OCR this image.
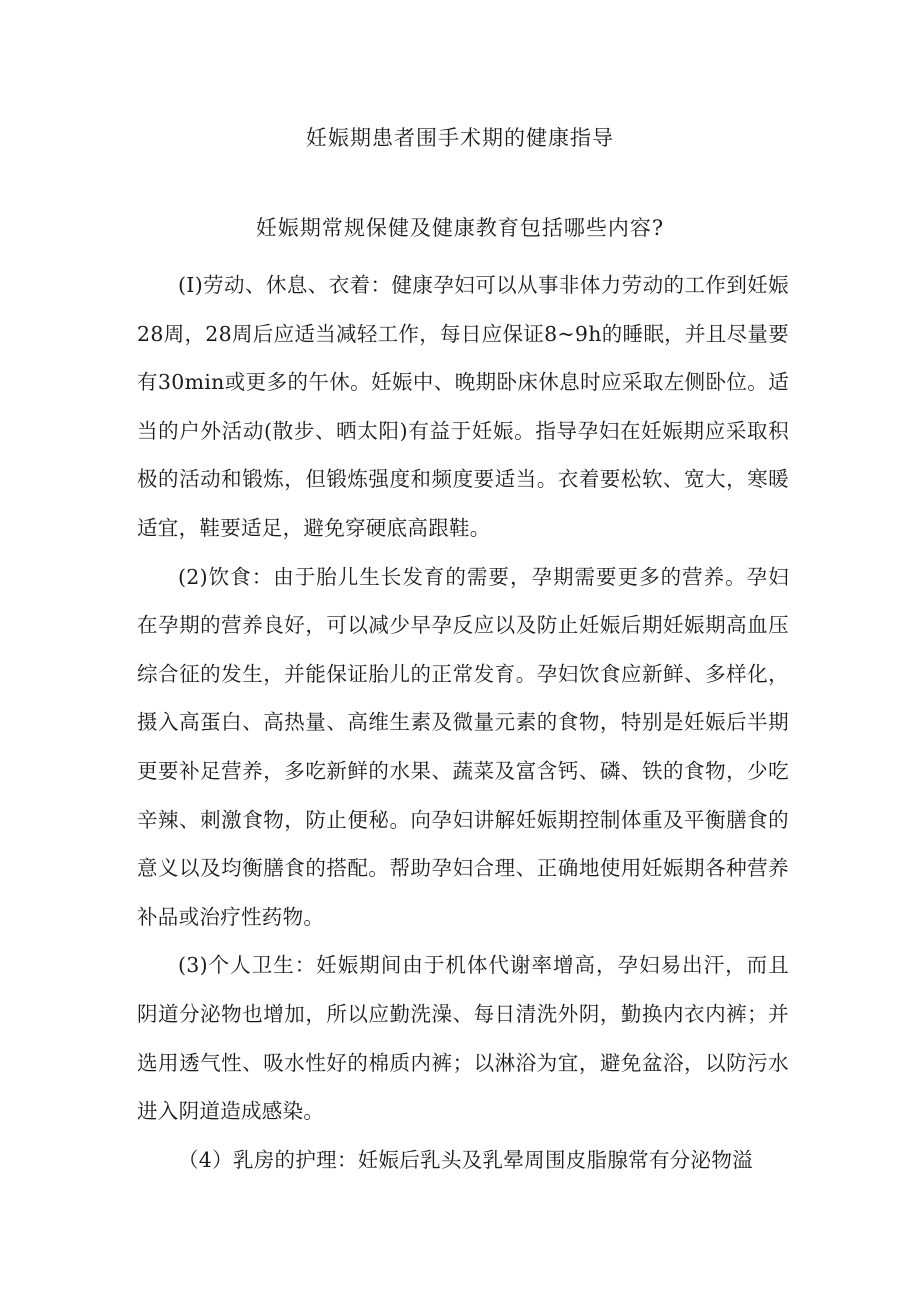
妊娠期患者围手术期的健康指导
妊娠期常规保健及健康教育包括哪些内容?

(I)劳动、休息、衣着：健康孕妇可以从事非体力劳动的工作到妊娠28周，28周后应适当减轻工作，每日应保证8~9h的睡眠，并且尽量要有30min或更多的午休。妊娠中、晚期卧床休息时应采取左侧卧位。适当的户外活动(散步、晒太阳)有益于妊娠。指导孕妇在妊娠期应采取积极的活动和锻炼，但锻炼强度和频度要适当。衣着要松软、宽大，寒暖适宜，鞋要适足，避免穿硬底高跟鞋。

(2)饮食：由于胎儿生长发育的需要，孕期需要更多的营养。孕妇在孕期的营养良好，可以减少早孕反应以及防止妊娠后期妊娠期高血压综合征的发生，并能保证胎儿的正常发育。孕妇饮食应新鲜、多样化，摄入高蛋白、高热量、高维生素及微量元素的食物，特别是妊娠后半期更要补足营养，多吃新鲜的水果、蔬菜及富含钙、磷、铁的食物，少吃辛辣、刺激食物，防止便秘。向孕妇讲解妊娠期控制体重及平衡膳食的意义以及均衡膳食的搭配。帮助孕妇合理、正确地使用妊娠期各种营养补品或治疗性药物。

(3)个人卫生：妊娠期间由于机体代谢率增高，孕妇易出汗，而且阴道分泌物也增加，所以应勤洗澡、每日清洗外阴，勤换内衣内裤；并选用透气性、吸水性好的棉质内裤；以淋浴为宜，避免盆浴，以防污水进入阴道造成感染。

（4）乳房的护理：妊娠后乳头及乳晕周围皮脂腺常有分泌物溢
